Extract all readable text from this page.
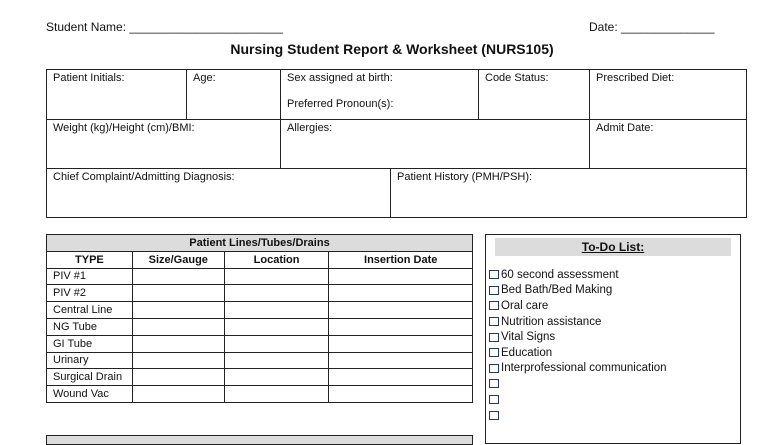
Student Name: _______________________	Date: ______________
Nursing Student Report & Worksheet (NURS105)
Patient Initials:	Age:	Sex assigned at birth:
Preferred Pronoun(s):
Code Status:	Prescribed Diet:
Weight (kg)/Height (cm)/BMI:	Allergies:	Admit Date:
Chief Complaint/Admitting Diagnosis:	Patient History (PMH/PSH):
Patient Lines/Tubes/Drains			
TYPE	Size/Gauge	Location	Insertion Date
PIV #1			
PIV #2			
Central Line			
NG Tube			
GI Tube			
Urinary			
Surgical Drain			
Wound Vac			
To-Do List:
60 second assessment
Bed Bath/Bed Making
Oral care
Nutrition assistance
Vital Signs
Education
Interprofessional communication
